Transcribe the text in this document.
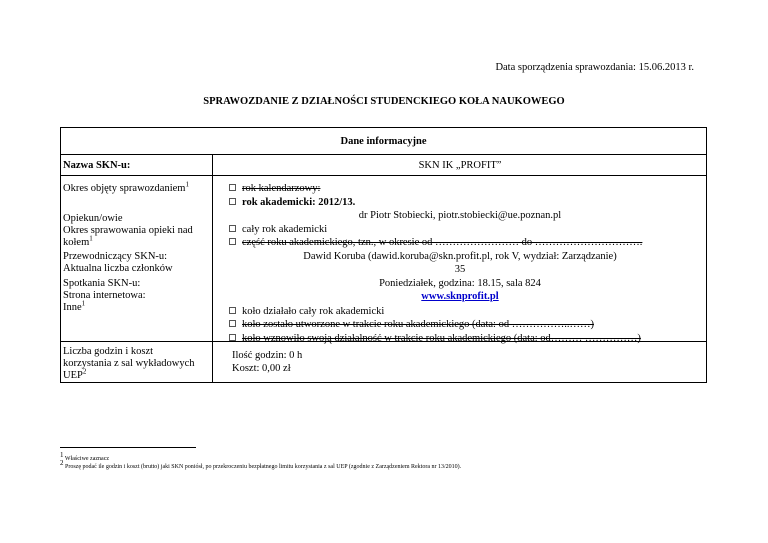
Data sporządzenia sprawozdania: 15.06.2013 r.
SPRAWOZDANIE Z DZIAŁNOŚCI STUDENCKIEGO KOŁA NAUKOWEGO
Dane informacyjne
Nazwa SKN-u:
Okres objęty sprawozdaniem$^1$
Opiekun/owie
Okres sprawowania opieki nad
kołem$^1$
Przewodniczący SKN-u:
Aktualna liczba członków
Spotkania SKN-u:
Strona internetowa:
Inne$^1$
Liczba godzin i koszt
korzystania z sal wykładowych
UEP$^2$
SKN IK „PROFIT”
rok kalendarzowy:
rok akademicki: 2012/13.
dr Piotr Stobiecki, piotr.stobiecki@ue.poznan.pl
cały rok akademicki
część roku akademickiego, tzn., w okresie od …………………… do ………………………….
Dawid Koruba (dawid.koruba@skn.profit.pl, rok V, wydział: Zarządzanie)
35
Poniedziałek, godzina: 18.15, sala 824
www.sknprofit.pl
koło działało cały rok akademicki
koło zostało utworzone w trakcie roku akademickiego (data: od ……………..……)
koło wznowiło swoją działalność w trakcie roku akademickiego (data: od……… ……………)
Ilość godzin: 0 h
Koszt: 0,00 zł
$^1$ Właściwe zaznacz
$^2$ Proszę podać ile godzin i koszt (brutto) jaki SKN poniósł, po przekroczeniu bezpłatnego limitu korzystania z sal UEP (zgodnie z Zarządzeniem Rektora nr 13/2010).
